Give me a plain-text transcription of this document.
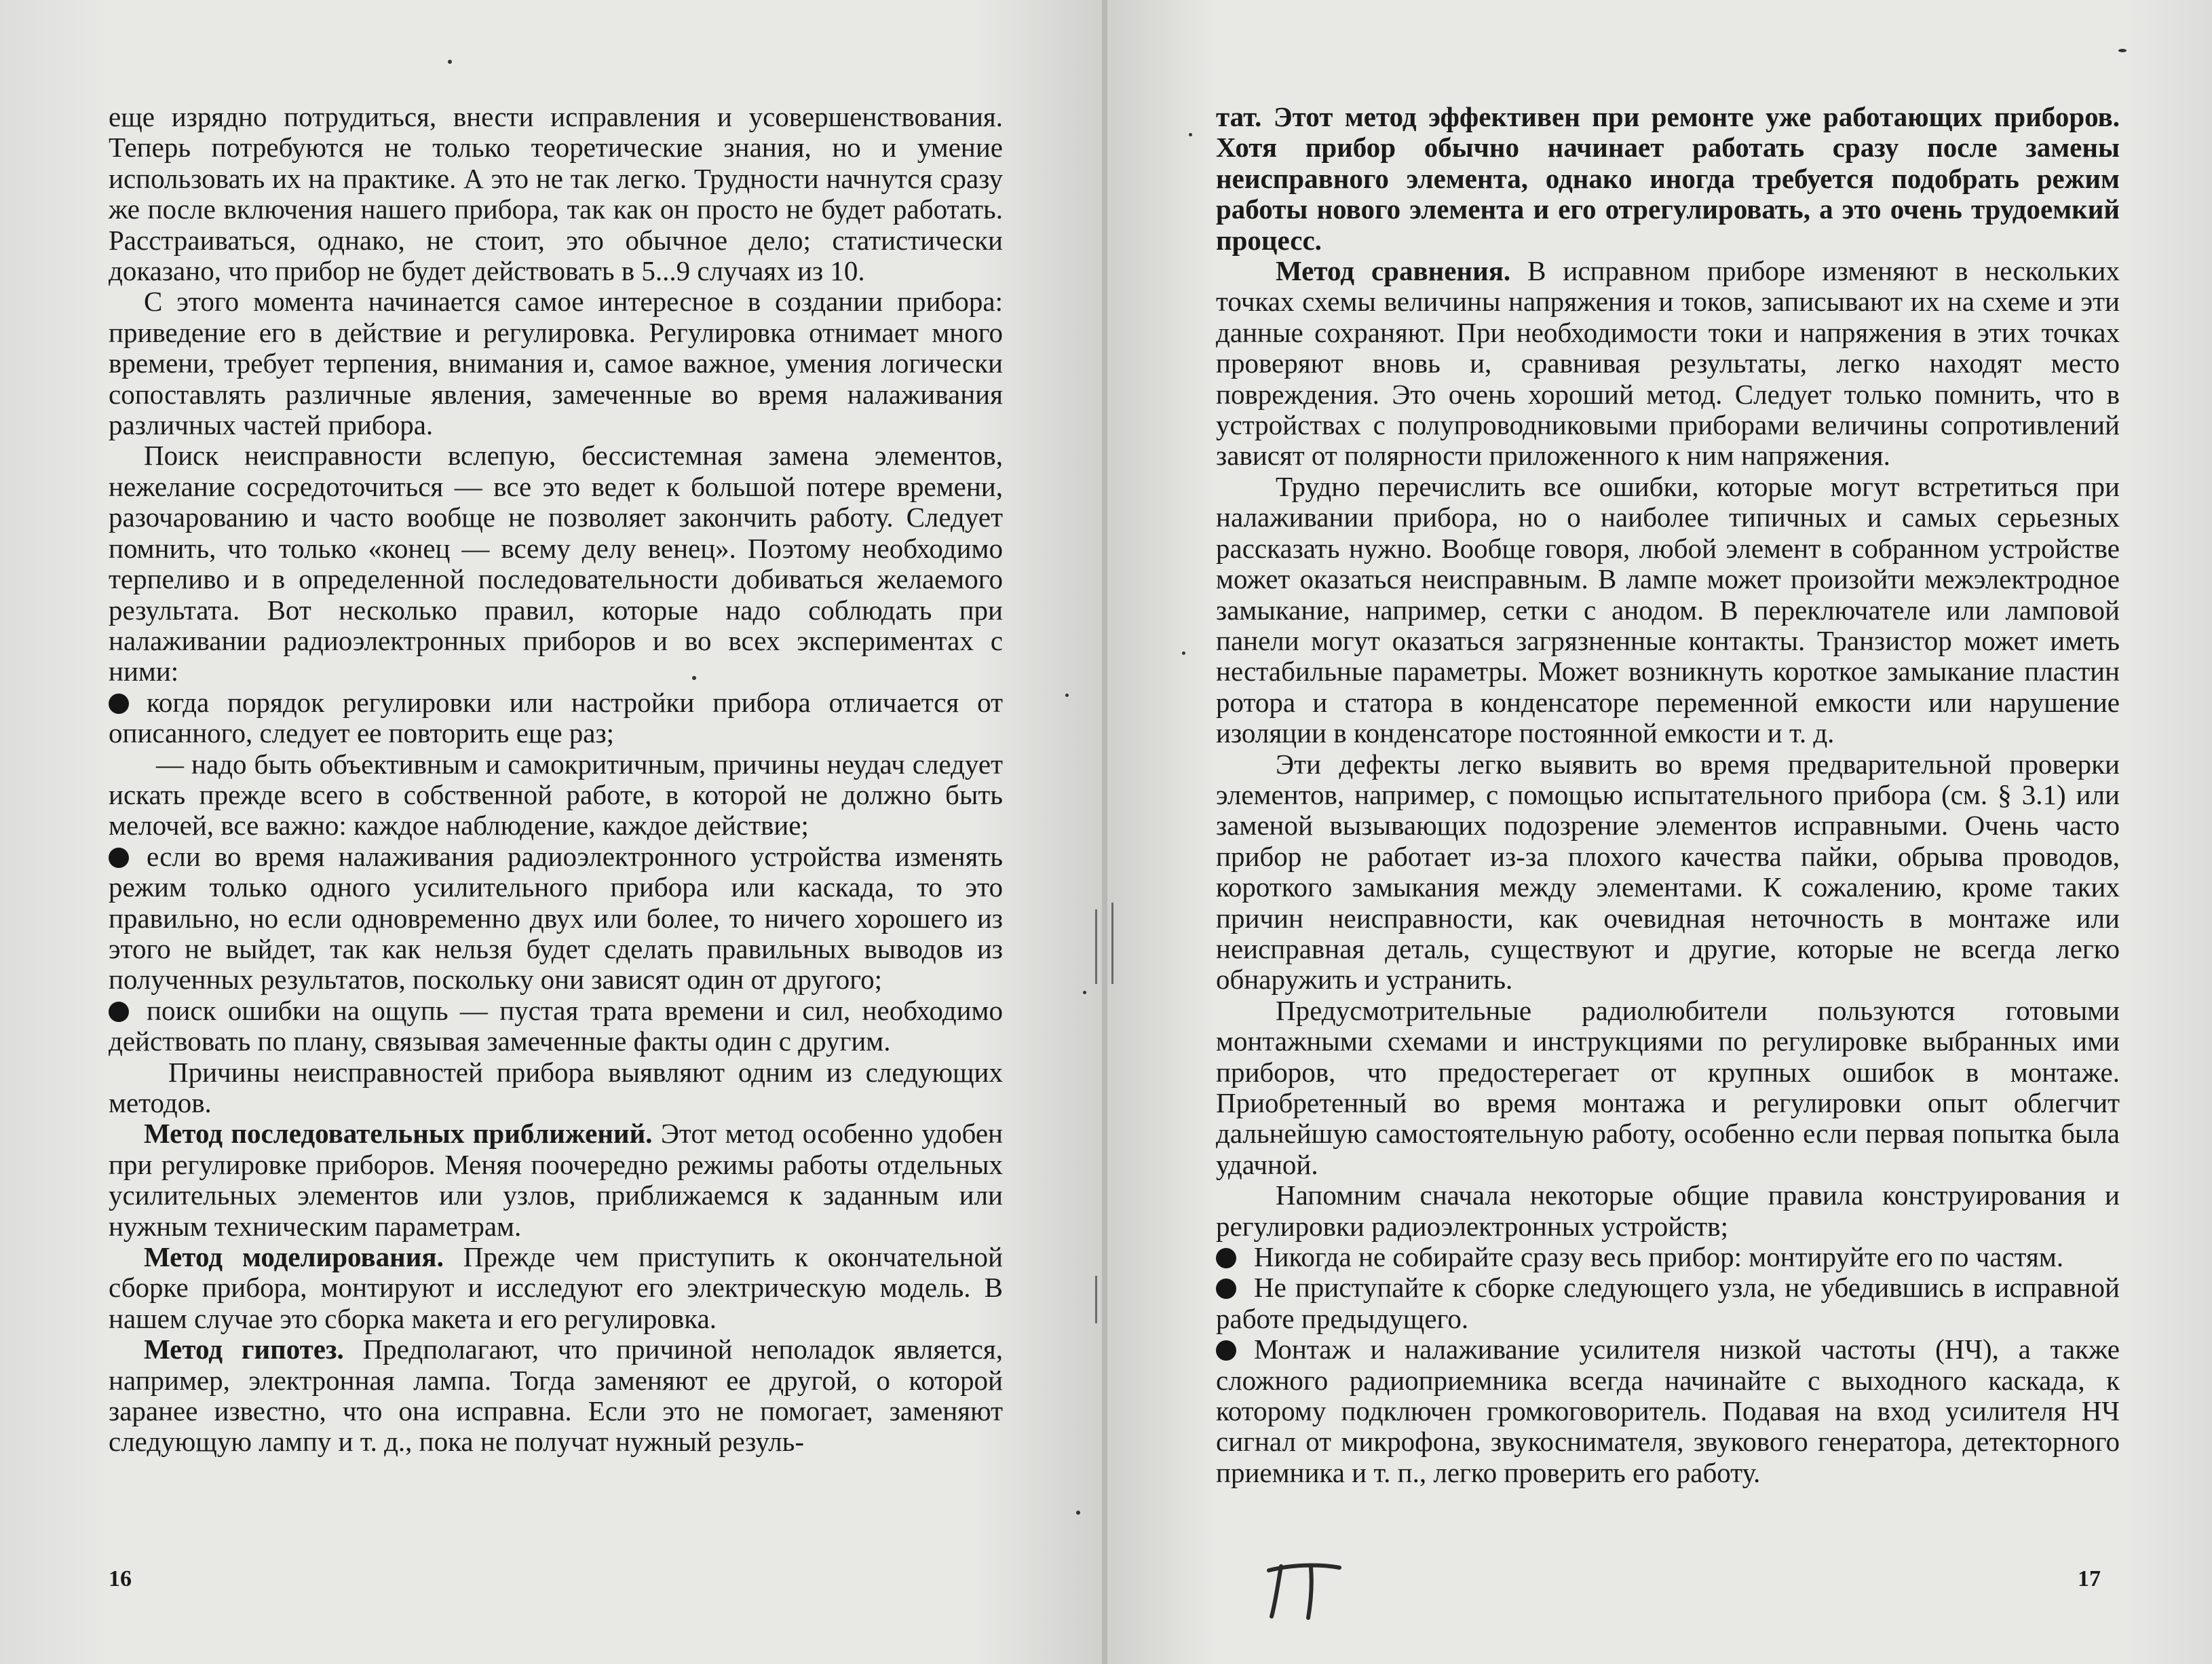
еще изрядно потрудиться, внести исправления и усовершенствования. Теперь потребуются не только теоретические знания, но и умение использовать их на практике. А это не так легко. Трудности начнутся сразу же после включения нашего прибора, так как он просто не будет работать. Расстраиваться, однако, не стоит, это обычное дело; статистически доказано, что прибор не будет действовать в 5...9 случаях из 10.

С этого момента начинается самое интересное в создании прибора: приведение его в действие и регулировка. Регулировка отнимает много времени, требует терпения, внимания и, самое важное, умения логически сопоставлять различные явления, замеченные во время налаживания различных частей прибора.

Поиск неисправности вслепую, бессистемная замена элементов, нежелание сосредоточиться — все это ведет к большой потере времени, разочарованию и часто вообще не позволяет закончить работу. Следует помнить, что только «конец — всему делу венец». Поэтому необходимо терпеливо и в определенной последовательности добиваться желаемого результата. Вот несколько правил, которые надо соблюдать при налаживании радиоэлектронных приборов и во всех экспериментах с ними:

когда порядок регулировки или настройки прибора отличается от описанного, следует ее повторить еще раз;

— надо быть объективным и самокритичным, причины неудач следует искать прежде всего в собственной работе, в которой не должно быть мелочей, все важно: каждое наблюдение, каждое действие;

если во время налаживания радиоэлектронного устройства изменять режим только одного усилительного прибора или каскада, то это правильно, но если одновременно двух или более, то ничего хорошего из этого не выйдет, так как нельзя будет сделать правильных выводов из полученных результатов, поскольку они зависят один от другого;

поиск ошибки на ощупь — пустая трата времени и сил, необходимо действовать по плану, связывая замеченные факты один с другим.

Причины неисправностей прибора выявляют одним из следующих методов.

Метод последовательных приближений. Этот метод особенно удобен при регулировке приборов. Меняя поочередно режимы работы отдельных усилительных элементов или узлов, приближаемся к заданным или нужным техническим параметрам.

Метод моделирования. Прежде чем приступить к окончательной сборке прибора, монтируют и исследуют его электрическую модель. В нашем случае это сборка макета и его регулировка.

Метод гипотез. Предполагают, что причиной неполадок является, например, электронная лампа. Тогда заменяют ее другой, о которой заранее известно, что она исправна. Если это не помогает, заменяют следующую лампу и т. д., пока не получат нужный резуль-

16

тат. Этот метод эффективен при ремонте уже работающих приборов. Хотя прибор обычно начинает работать сразу после замены неисправного элемента, однако иногда требуется подобрать режим работы нового элемента и его отрегулировать, а это очень трудоемкий процесс.

Метод сравнения. В исправном приборе изменяют в нескольких точках схемы величины напряжения и токов, записывают их на схеме и эти данные сохраняют. При необходимости токи и напряжения в этих точках проверяют вновь и, сравнивая результаты, легко находят место повреждения. Это очень хороший метод. Следует только помнить, что в устройствах с полупроводниковыми приборами величины сопротивлений зависят от полярности приложенного к ним напряжения.

Трудно перечислить все ошибки, которые могут встретиться при налаживании прибора, но о наиболее типичных и самых серьезных рассказать нужно. Вообще говоря, любой элемент в собранном устройстве может оказаться неисправным. В лампе может произойти межэлектродное замыкание, например, сетки с анодом. В переключателе или ламповой панели могут оказаться загрязненные контакты. Транзистор может иметь нестабильные параметры. Может возникнуть короткое замыкание пластин ротора и статора в конденсаторе переменной емкости или нарушение изоляции в конденсаторе постоянной емкости и т. д.

Эти дефекты легко выявить во время предварительной проверки элементов, например, с помощью испытательного прибора (см. § 3.1) или заменой вызывающих подозрение элементов исправными. Очень часто прибор не работает из-за плохого качества пайки, обрыва проводов, короткого замыкания между элементами. К сожалению, кроме таких причин неисправности, как очевидная неточность в монтаже или неисправная деталь, существуют и другие, которые не всегда легко обнаружить и устранить.

Предусмотрительные радиолюбители пользуются готовыми монтажными схемами и инструкциями по регулировке выбранных ими приборов, что предостерегает от крупных ошибок в монтаже. Приобретенный во время монтажа и регулировки опыт облегчит дальнейшую самостоятельную работу, особенно если первая попытка была удачной.

Напомним сначала некоторые общие правила конструирования и регулировки радиоэлектронных устройств;

Никогда не собирайте сразу весь прибор: монтируйте его по частям.

Не приступайте к сборке следующего узла, не убедившись в исправной работе предыдущего.

Монтаж и налаживание усилителя низкой частоты (НЧ), а также сложного радиоприемника всегда начинайте с выходного каскада, к которому подключен громкоговоритель. Подавая на вход усилителя НЧ сигнал от микрофона, звукоснимателя, звукового генератора, детекторного приемника и т. п., легко проверить его работу.

17
